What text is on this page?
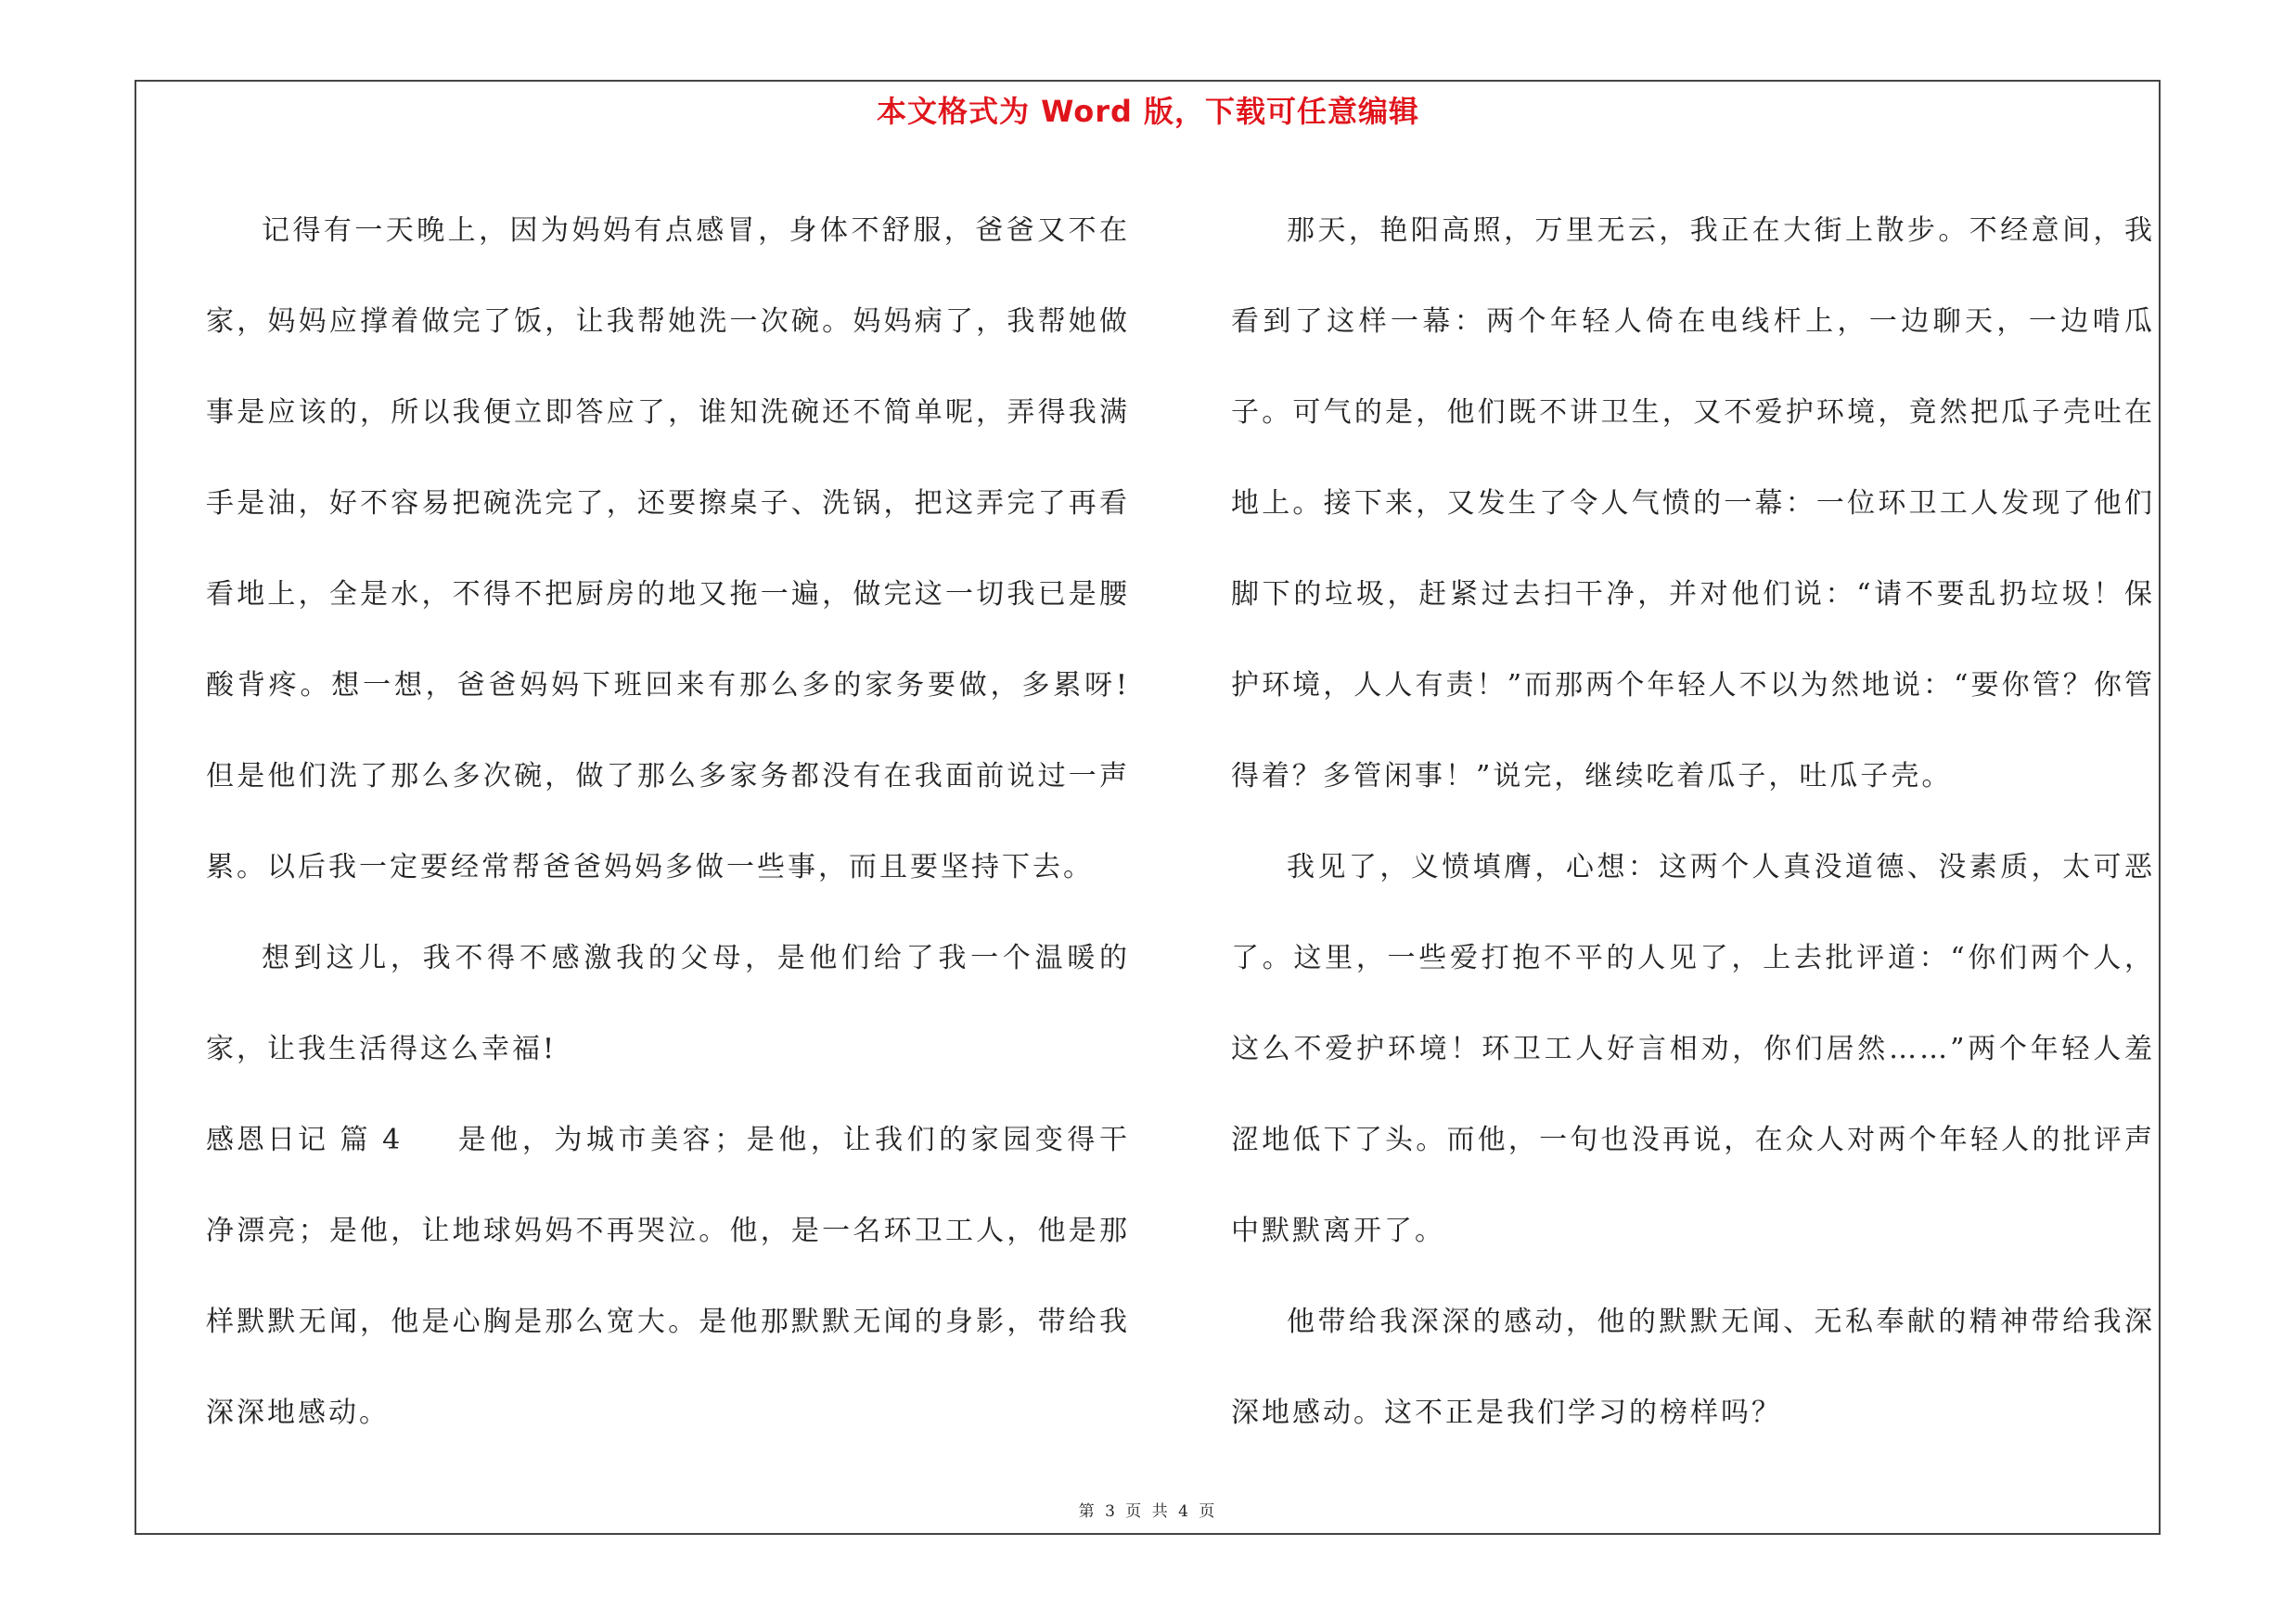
本文格式为 Word 版，下载可任意编辑

记得有一天晚上，因为妈妈有点感冒，身体不舒服，爸爸又不在家，妈妈应撑着做完了饭，让我帮她洗一次碗。妈妈病了，我帮她做事是应该的，所以我便立即答应了，谁知洗碗还不简单呢，弄得我满手是油，好不容易把碗洗完了，还要擦桌子、洗锅，把这弄完了再看看地上，全是水，不得不把厨房的地又拖一遍，做完这一切我已是腰酸背疼。想一想，爸爸妈妈下班回来有那么多的家务要做，多累呀!但是他们洗了那么多次碗，做了那么多家务都没有在我面前说过一声累。以后我一定要经常帮爸爸妈妈多做一些事，而且要坚持下去。

想到这儿，我不得不感激我的父母，是他们给了我一个温暖的家，让我生活得这么幸福!

感恩日记 篇 4 是他，为城市美容；是他，让我们的家园变得干净漂亮；是他，让地球妈妈不再哭泣。他，是一名环卫工人，他是那样默默无闻，他是心胸是那么宽大。是他那默默无闻的身影，带给我深深地感动。

那天，艳阳高照，万里无云，我正在大街上散步。不经意间，我看到了这样一幕：两个年轻人倚在电线杆上，一边聊天，一边啃瓜子。可气的是，他们既不讲卫生，又不爱护环境，竟然把瓜子壳吐在地上。接下来，又发生了令人气愤的一幕：一位环卫工人发现了他们脚下的垃圾，赶紧过去扫干净，并对他们说：“请不要乱扔垃圾！保护环境，人人有责！”而那两个年轻人不以为然地说：“要你管？你管得着？多管闲事！”说完，继续吃着瓜子，吐瓜子壳。

我见了，义愤填膺，心想：这两个人真没道德、没素质，太可恶了。这里，一些爱打抱不平的人见了，上去批评道：“你们两个人，这么不爱护环境！环卫工人好言相劝，你们居然……”两个年轻人羞涩地低下了头。而他，一句也没再说，在众人对两个年轻人的批评声中默默离开了。

他带给我深深的感动，他的默默无闻、无私奉献的精神带给我深深地感动。这不正是我们学习的榜样吗？

第 3 页 共 4 页
